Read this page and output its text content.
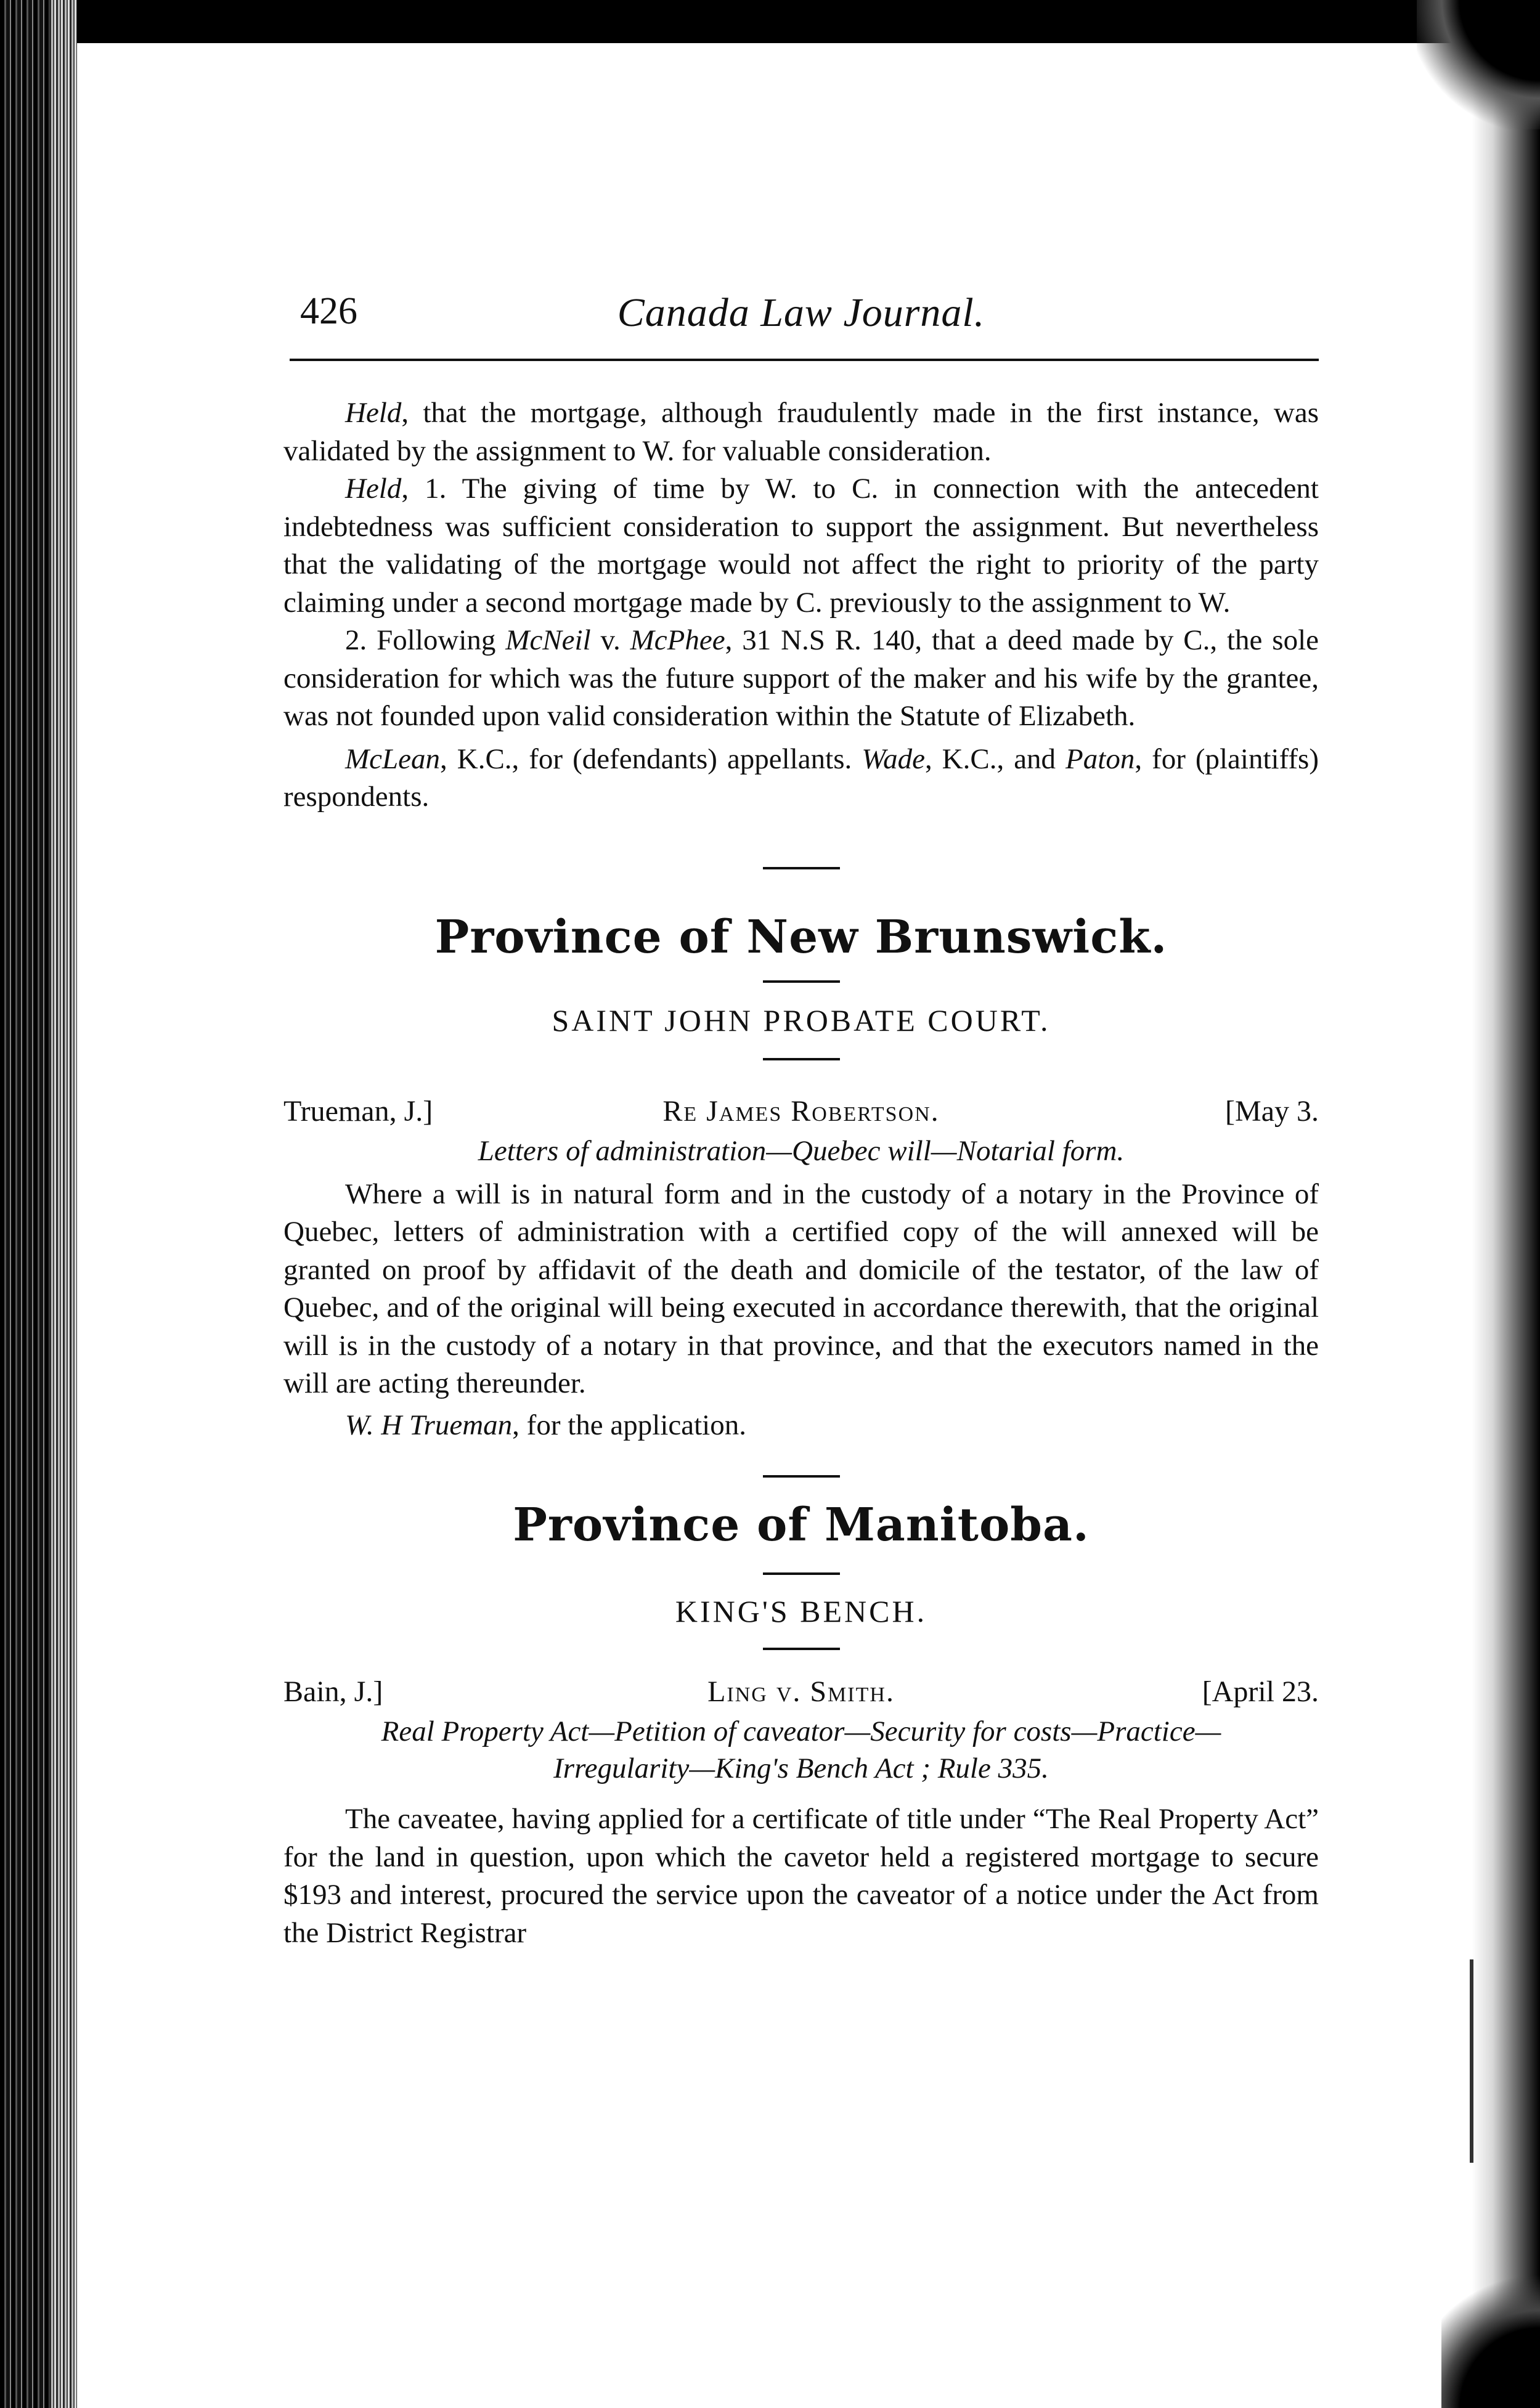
426	Canada Law Journal.

Held, that the mortgage, although fraudulently made in the first instance, was validated by the assignment to W. for valuable consideration.

Held, 1. The giving of time by W. to C. in connection with the antecedent indebtedness was sufficient consideration to support the assignment. But nevertheless that the validating of the mortgage would not affect the right to priority of the party claiming under a second mortgage made by C. previously to the assignment to W.

2. Following McNeil v. McPhee, 31 N.S R. 140, that a deed made by C., the sole consideration for which was the future support of the maker and his wife by the grantee, was not founded upon valid consideration within the Statute of Elizabeth.

McLean, K.C., for (defendants) appellants. Wade, K.C., and Paton, for (plaintiffs) respondents.

Province of New Brunswick.
SAINT JOHN PROBATE COURT.
Trueman, J.]	Re James Robertson.	[May 3.
Letters of administration—Quebec will—Notarial form.

Where a will is in natural form and in the custody of a notary in the Province of Quebec, letters of administration with a certified copy of the will annexed will be granted on proof by affidavit of the death and domicile of the testator, of the law of Quebec, and of the original will being executed in accordance therewith, that the original will is in the custody of a notary in that province, and that the executors named in the will are acting thereunder.

W. H Trueman, for the application.

Province of Manitoba.
KING'S BENCH.
Bain, J.]	Ling v. Smith.	[April 23.
Real Property Act—Petition of caveator—Security for costs—Practice—
Irregularity—King's Bench Act ; Rule 335.

The caveatee, having applied for a certificate of title under “The Real Property Act” for the land in question, upon which the cavetor held a registered mortgage to secure $193 and interest, procured the service upon the caveator of a notice under the Act from the District Registrar
